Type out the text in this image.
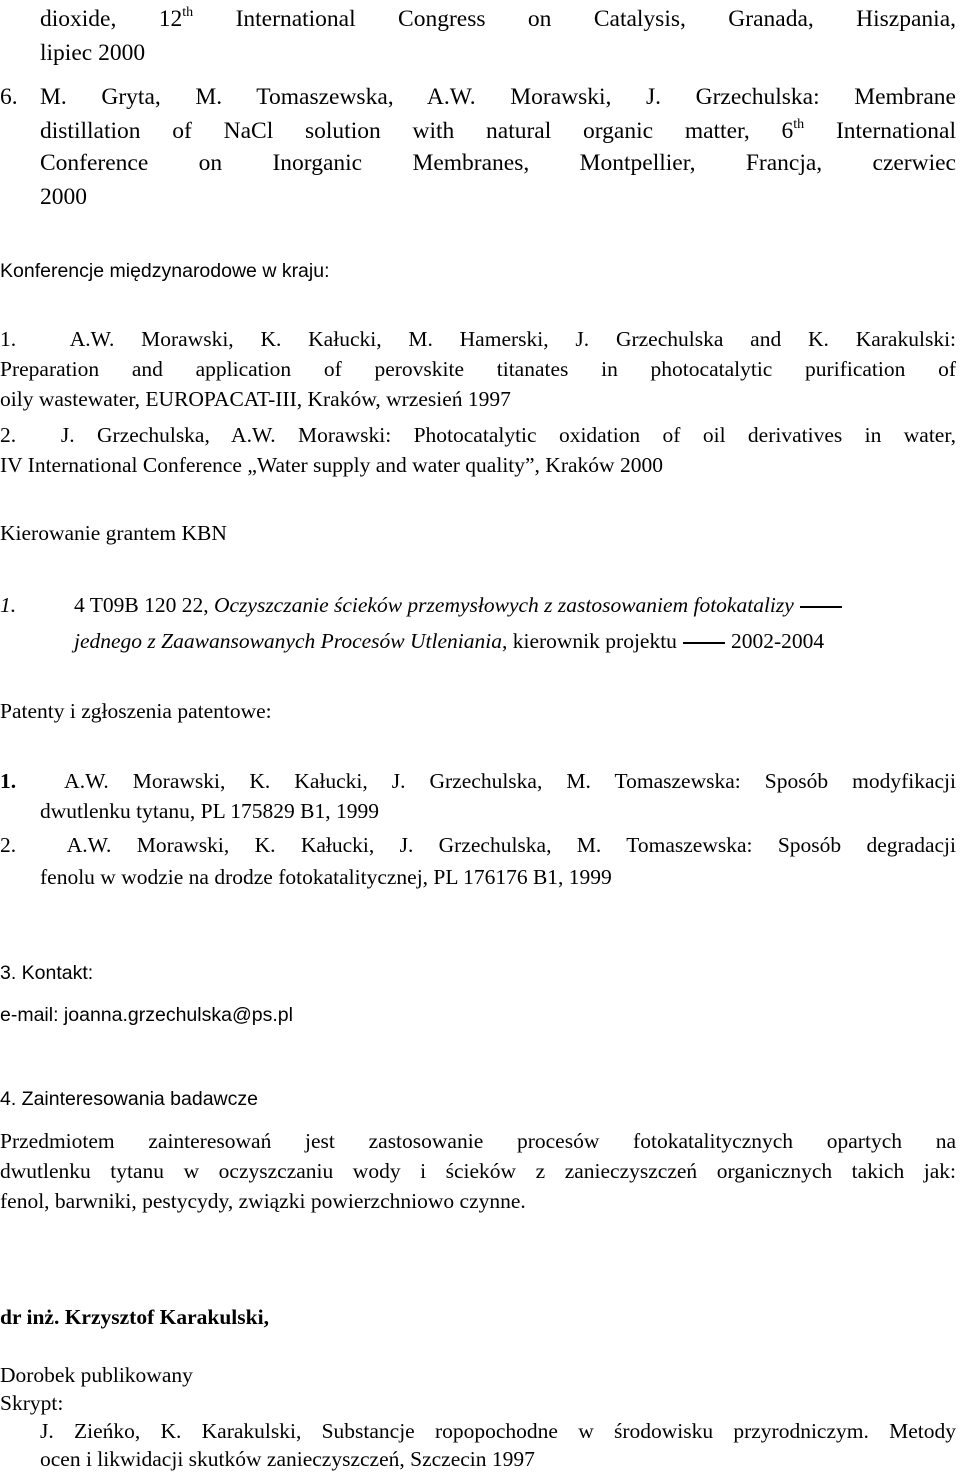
dioxide, 12th International Congress on Catalysis, Granada, Hiszpania,
lipiec 2000
6. M. Gryta, M. Tomaszewska, A.W. Morawski, J. Grzechulska: Membrane
distillation of NaCl solution with natural organic matter, 6th International
Conference on Inorganic Membranes, Montpellier, Francja, czerwiec
2000
Konferencje międzynarodowe w kraju:
1. A.W. Morawski, K. Kałucki, M. Hamerski, J. Grzechulska and K. Karakulski:
Preparation and application of perovskite titanates in photocatalytic purification of
oily wastewater, EUROPACAT-III, Kraków, wrzesień 1997
2. J. Grzechulska, A.W. Morawski: Photocatalytic oxidation of oil derivatives in water,
IV International Conference „Water supply and water quality”, Kraków 2000
Kierowanie grantem KBN
1.	4 T09B 120 22, Oczyszczanie ścieków przemysłowych z zastosowaniem fotokatalizy
jednego z Zaawansowanych Procesów Utleniania, kierownik projektu	2002-2004
Patenty i zgłoszenia patentowe:
1. A.W. Morawski, K. Kałucki, J. Grzechulska, M. Tomaszewska: Sposób modyfikacji
dwutlenku tytanu, PL 175829 B1, 1999
2. A.W. Morawski, K. Kałucki, J. Grzechulska, M. Tomaszewska: Sposób degradacji
fenolu w wodzie na drodze fotokatalitycznej, PL 176176 B1, 1999
3. Kontakt:
e-mail: joanna.grzechulska@ps.pl
4. Zainteresowania badawcze
Przedmiotem zainteresowań jest zastosowanie procesów fotokatalitycznych opartych na
dwutlenku tytanu w oczyszczaniu wody i ścieków z zanieczyszczeń organicznych takich jak:
fenol, barwniki, pestycydy, związki powierzchniowo czynne.
dr inż. Krzysztof Karakulski,
Dorobek publikowany
Skrypt:
J. Zieńko, K. Karakulski, Substancje ropopochodne w środowisku przyrodniczym. Metody
ocen i likwidacji skutków zanieczyszczeń, Szczecin 1997
